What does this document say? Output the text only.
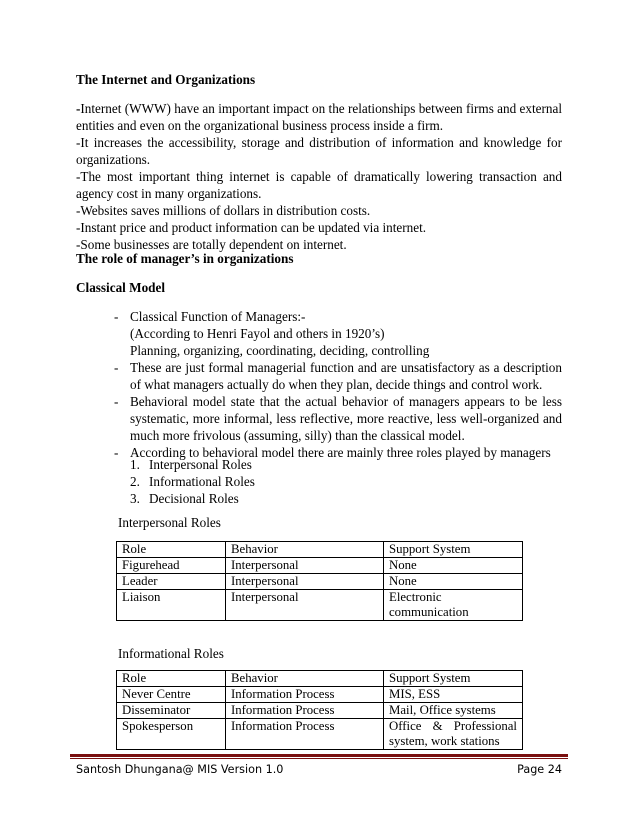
The Internet and Organizations

-Internet (WWW) have an important impact on the relationships between firms and external entities and even on the organizational business process inside a firm.

-It increases the accessibility, storage and distribution of information and knowledge for organizations.

-The most important thing internet is capable of dramatically lowering transaction and agency cost in many organizations.

-Websites saves millions of dollars in distribution costs.

-Instant price and product information can be updated via internet.

-Some businesses are totally dependent on internet.

The role of manager’s in organizations
Classical Model
- Classical Function of Managers:-
(According to Henri Fayol and others in 1920’s)
Planning, organizing, coordinating, deciding, controlling
- These are just formal managerial function and are unsatisfactory as a description of what managers actually do when they plan, decide things and control work.
- Behavioral model state that the actual behavior of managers appears to be less systematic, more informal, less reflective, more reactive, less well-organized and much more frivolous (assuming, silly) than the classical model.
- According to behavioral model there are mainly three roles played by managers
1. Interpersonal Roles
2. Informational Roles
3. Decisional Roles
Interpersonal Roles
Role	Behavior	Support System
Figurehead	Interpersonal	None
Leader	Interpersonal	None
Liaison	Interpersonal	Electronic
communication
Informational Roles
Role	Behavior	Support System
Never Centre	Information Process	MIS, ESS
Disseminator	Information Process	Mail, Office systems
Spokesperson	Information Process	Office & Professional
system, work stations
Santosh Dhungana@ MIS Version 1.0	Page 24
